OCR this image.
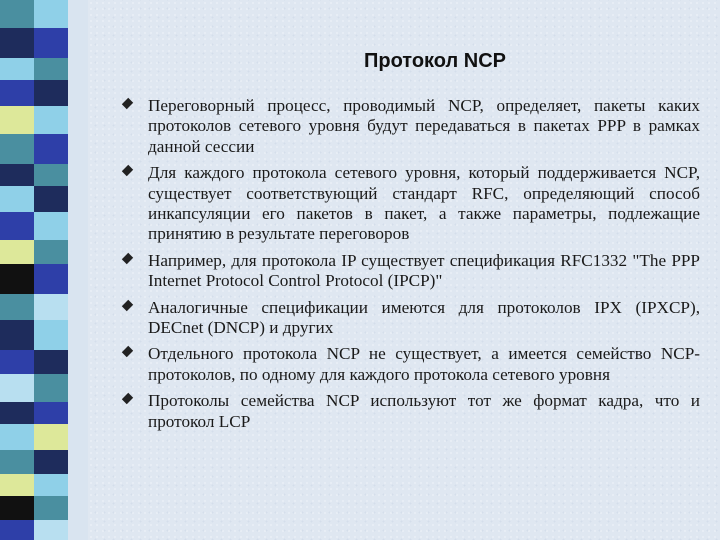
Протокол NCP
Переговорный процесс, проводимый NCP, определяет, пакеты каких протоколов сетевого уровня будут передаваться в пакетах PPP в рамках данной сессии
Для каждого протокола сетевого уровня, который поддерживается NCP, существует соответствующий стандарт RFC, определяющий способ инкапсуляции его пакетов в пакет, а также параметры, подлежащие принятию в результате переговоров
Например, для протокола IP существует спецификация RFC1332 "The PPP Internet Protocol Control Protocol (IPCP)"
Аналогичные спецификации имеются для протоколов IPX (IPXCP), DECnet (DNCP) и других
Отдельного протокола NCP не существует, а имеется семейство NCP-протоколов, по одному для каждого протокола сетевого уровня
Протоколы семейства NCP используют тот же формат кадра, что и протокол LCP
